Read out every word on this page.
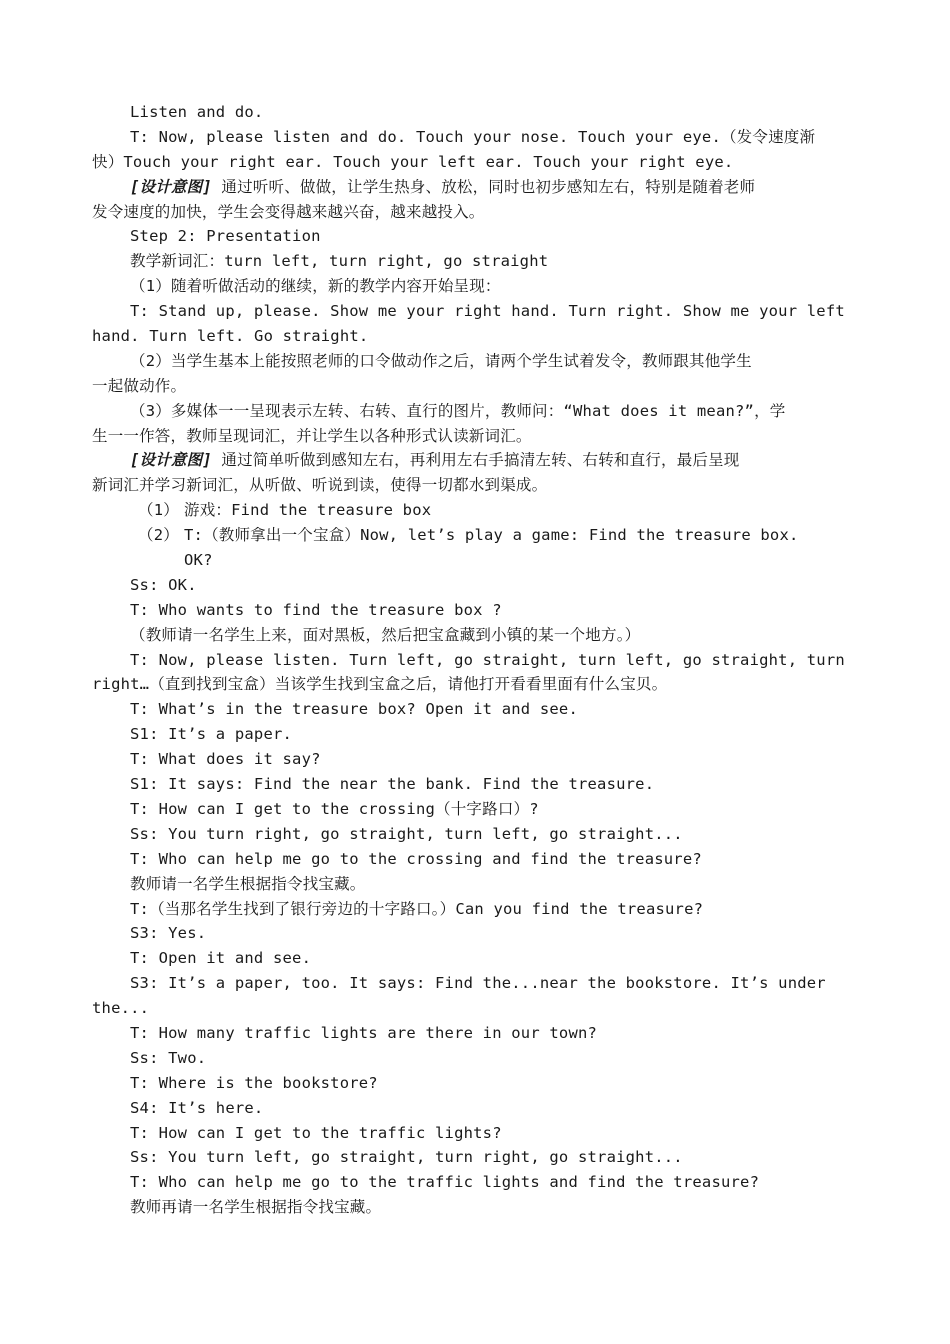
Listen and do.
T: Now, please listen and do. Touch your nose. Touch your eye.（发令速度渐
快）Touch your right ear. Touch your left ear. Touch your right eye.
[设计意图] 通过听听、做做，让学生热身、放松，同时也初步感知左右，特别是随着老师
发令速度的加快，学生会变得越来越兴奋，越来越投入。
Step 2: Presentation
教学新词汇：turn left, turn right, go straight
（1）随着听做活动的继续，新的教学内容开始呈现：
T: Stand up, please. Show me your right hand. Turn right. Show me your left
hand. Turn left. Go straight.
（2）当学生基本上能按照老师的口令做动作之后，请两个学生试着发令，教师跟其他学生
一起做动作。
（3）多媒体一一呈现表示左转、右转、直行的图片，教师问：“What does it mean?”，学
生一一作答，教师呈现词汇，并让学生以各种形式认读新词汇。
[设计意图] 通过简单听做到感知左右，再利用左右手搞清左转、右转和直行，最后呈现
新词汇并学习新词汇，从听做、听说到读，使得一切都水到渠成。
（1） 游戏：Find the treasure box
（2） T:（教师拿出一个宝盒）Now, let’s play a game: Find the treasure box.
OK?
Ss: OK.
T: Who wants to find the treasure box ?
（教师请一名学生上来，面对黑板，然后把宝盒藏到小镇的某一个地方。）
T: Now, please listen. Turn left, go straight, turn left, go straight, turn
right…（直到找到宝盒）当该学生找到宝盒之后，请他打开看看里面有什么宝贝。
T: What’s in the treasure box? Open it and see.
S1: It’s a paper.
T: What does it say?
S1: It says: Find the near the bank. Find the treasure.
T: How can I get to the crossing（十字路口）?
Ss: You turn right, go straight, turn left, go straight...
T: Who can help me go to the crossing and find the treasure?
教师请一名学生根据指令找宝藏。
T:（当那名学生找到了银行旁边的十字路口。）Can you find the treasure?
S3: Yes.
T: Open it and see.
S3: It’s a paper, too. It says: Find the...near the bookstore. It’s under
the...
T: How many traffic lights are there in our town?
Ss: Two.
T: Where is the bookstore?
S4: It’s here.
T: How can I get to the traffic lights?
Ss: You turn left, go straight, turn right, go straight...
T: Who can help me go to the traffic lights and find the treasure?
教师再请一名学生根据指令找宝藏。
